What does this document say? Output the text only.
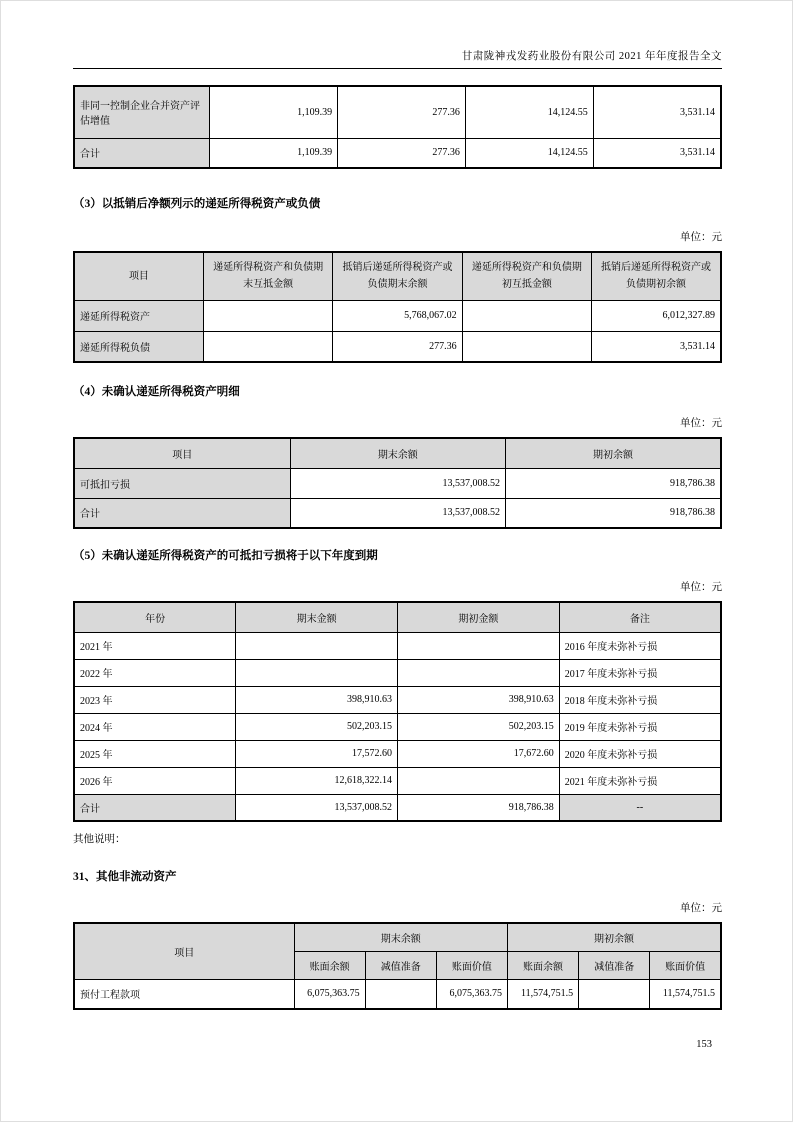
甘肃陇神戎发药业股份有限公司 2021 年年度报告全文
非同一控制企业合并资产评估增值	1,109.39	277.36	14,124.55	3,531.14
合计	1,109.39	277.36	14,124.55	3,531.14
（3）以抵销后净额列示的递延所得税资产或负债
单位：元
项目	递延所得税资产和负债期末互抵金额	抵销后递延所得税资产或负债期末余额	递延所得税资产和负债期初互抵金额	抵销后递延所得税资产或负债期初余额
递延所得税资产		5,768,067.02		6,012,327.89
递延所得税负债		277.36		3,531.14
（4）未确认递延所得税资产明细
单位：元
项目	期末余额	期初余额
可抵扣亏损	13,537,008.52	918,786.38
合计	13,537,008.52	918,786.38
（5）未确认递延所得税资产的可抵扣亏损将于以下年度到期
单位：元
年份	期末金额	期初金额	备注
2021 年			2016 年度未弥补亏损
2022 年			2017 年度未弥补亏损
2023 年	398,910.63	398,910.63	2018 年度未弥补亏损
2024 年	502,203.15	502,203.15	2019 年度未弥补亏损
2025 年	17,572.60	17,672.60	2020 年度未弥补亏损
2026 年	12,618,322.14		2021 年度未弥补亏损
合计	13,537,008.52	918,786.38	--
其他说明：
31、其他非流动资产
单位：元
项目	期末余额			期初余额		
	账面余额	减值准备	账面价值	账面余额	减值准备	账面价值
预付工程款项	6,075,363.75		6,075,363.75	11,574,751.5		11,574,751.5
153
